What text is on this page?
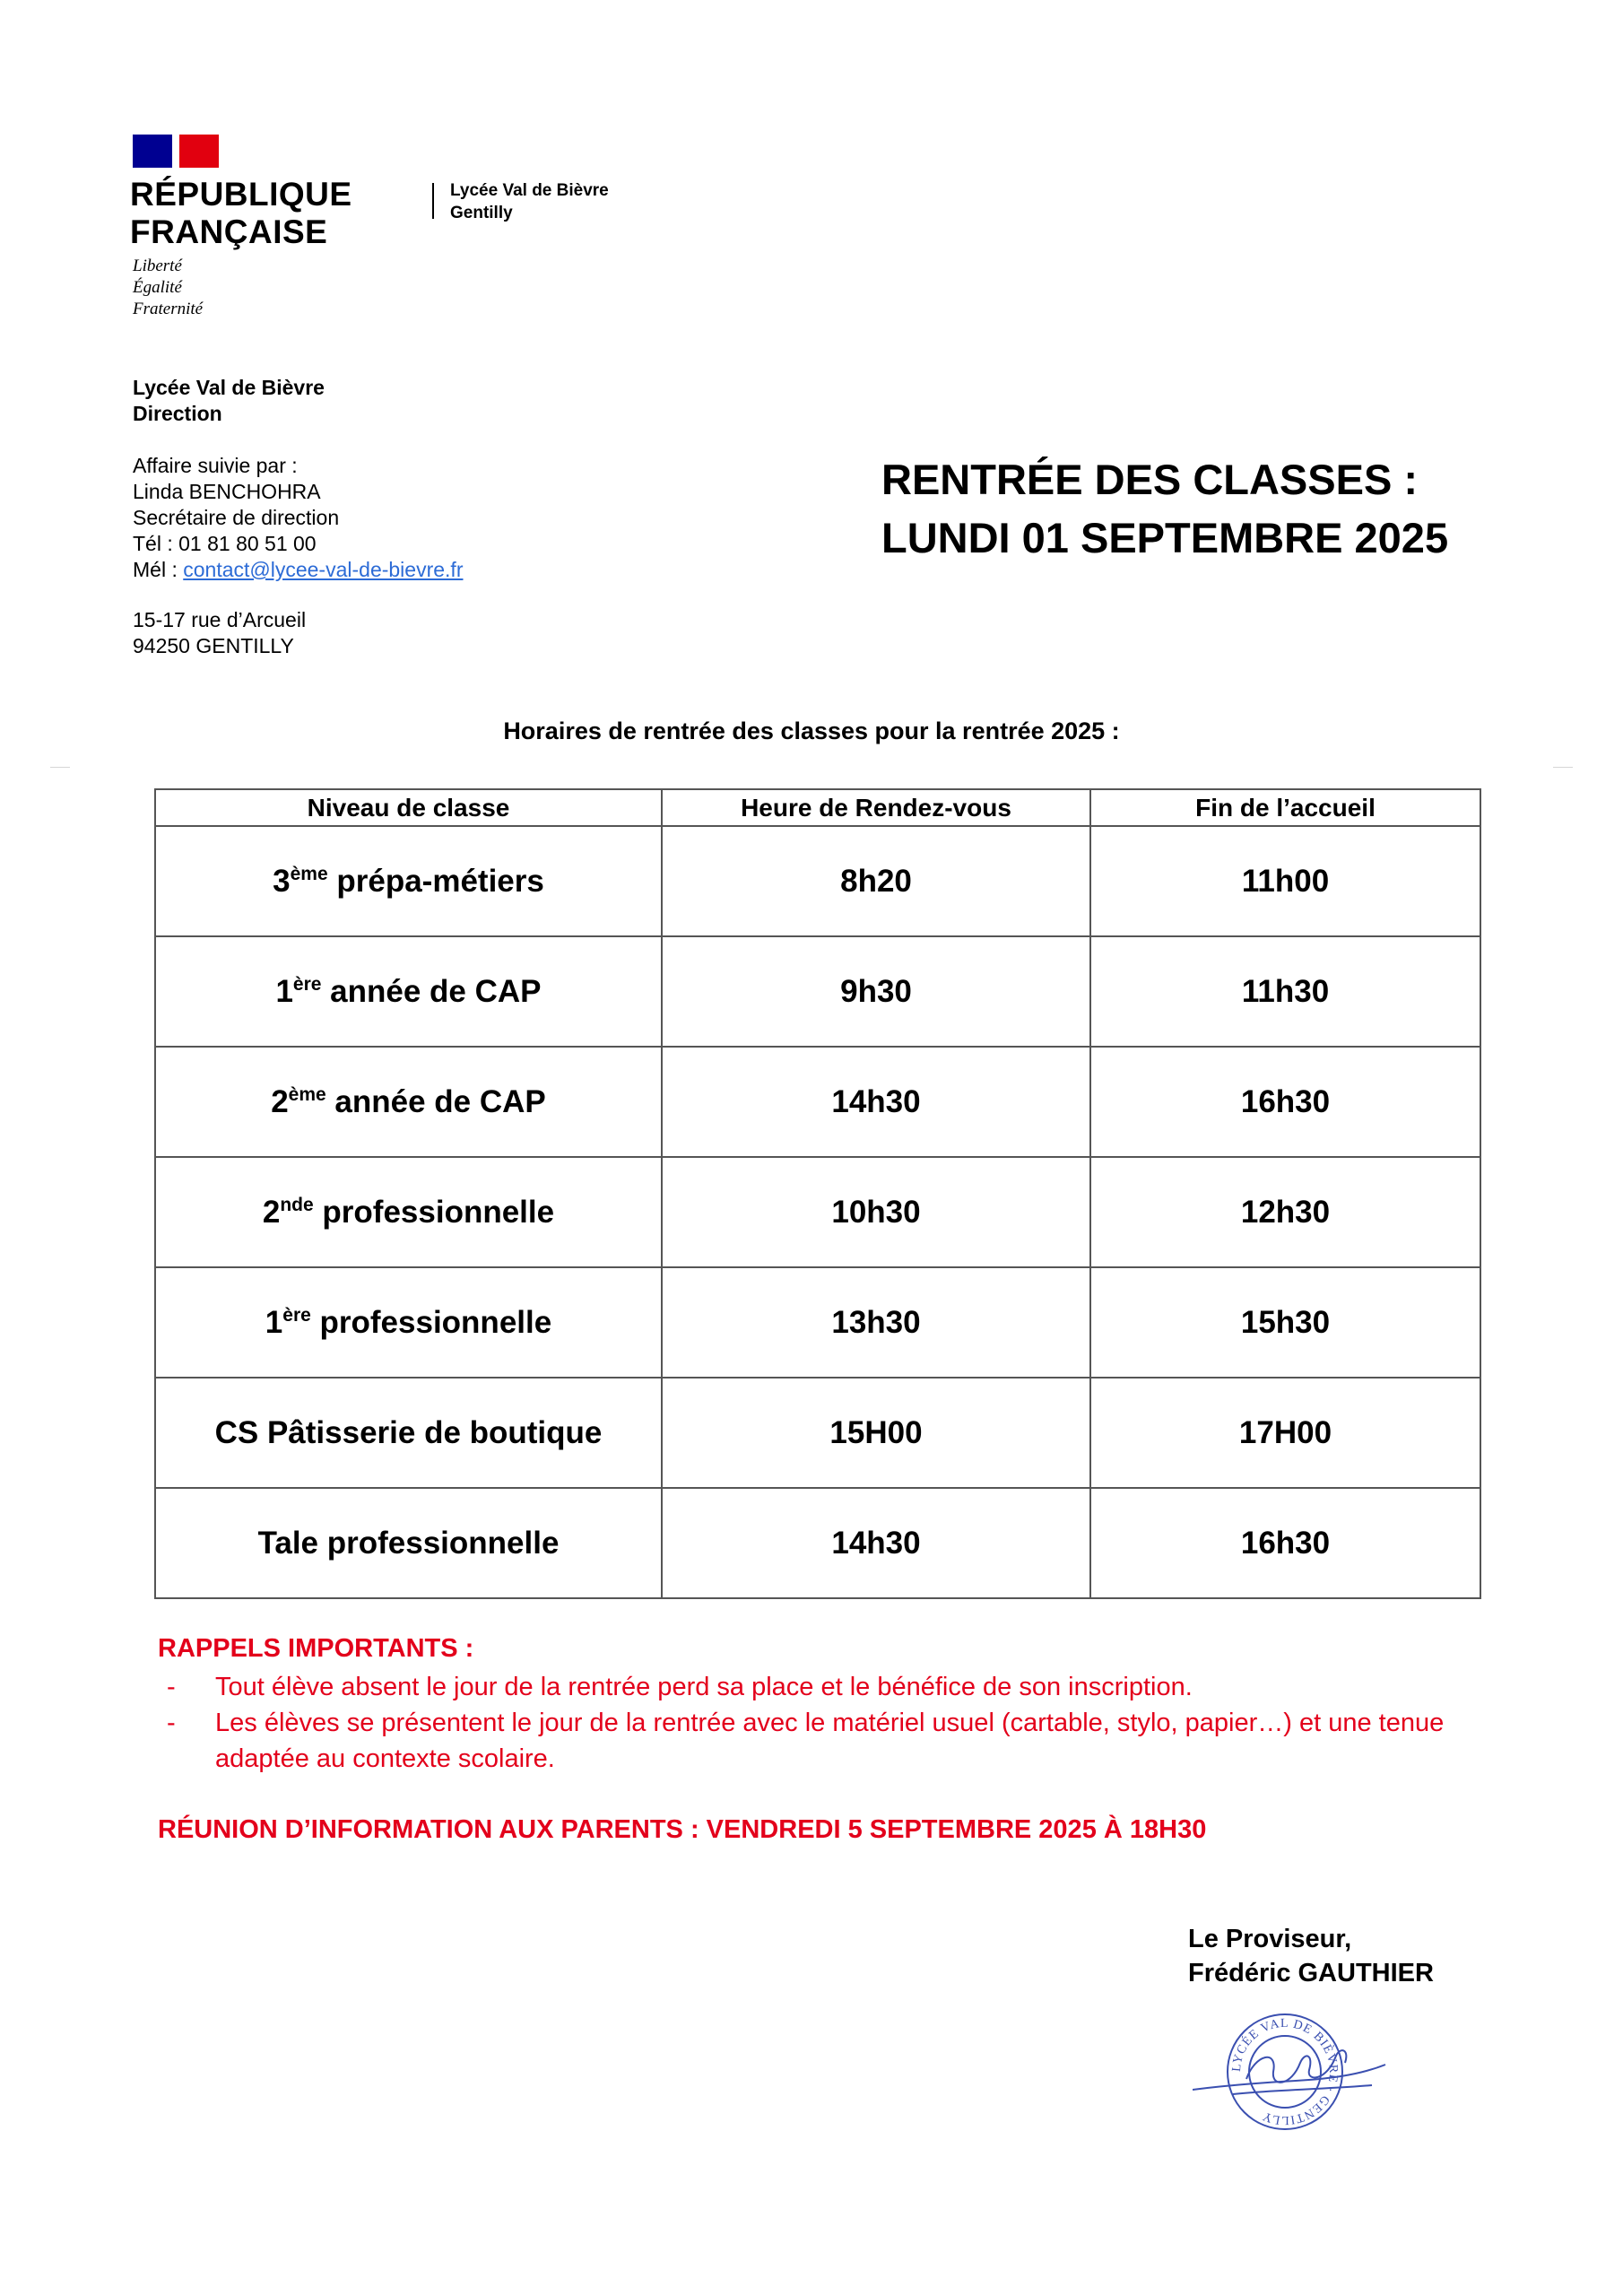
RÉPUBLIQUE
FRANÇAISE
Liberté
Égalité
Fraternité
Lycée Val de Bièvre
Gentilly
Lycée Val de Bièvre
Direction
Affaire suivie par :
Linda BENCHOHRA
Secrétaire de direction
Tél : 01 81 80 51 00
Mél : contact@lycee-val-de-bievre.fr
15-17 rue d’Arcueil
94250 GENTILLY
RENTRÉE DES CLASSES :
LUNDI 01 SEPTEMBRE 2025
Horaires de rentrée des classes pour la rentrée 2025 :
Niveau de classe	Heure de Rendez-vous	Fin de l’accueil
3ème prépa-métiers	8h20	11h00
1ère année de CAP	9h30	11h30
2ème année de CAP	14h30	16h30
2nde professionnelle	10h30	12h30
1ère professionnelle	13h30	15h30
CS Pâtisserie de boutique	15H00	17H00
Tale professionnelle	14h30	16h30
RAPPELS IMPORTANTS :
- Tout élève absent le jour de la rentrée perd sa place et le bénéfice de son inscription.
- Les élèves se présentent le jour de la rentrée avec le matériel usuel (cartable, stylo, papier…) et une tenue adaptée au contexte scolaire.
RÉUNION D’INFORMATION AUX PARENTS : VENDREDI 5 SEPTEMBRE 2025 À 18H30
Le Proviseur,
Frédéric GAUTHIER
LYCÉE VAL DE BIÈVRE · GENTILLY
